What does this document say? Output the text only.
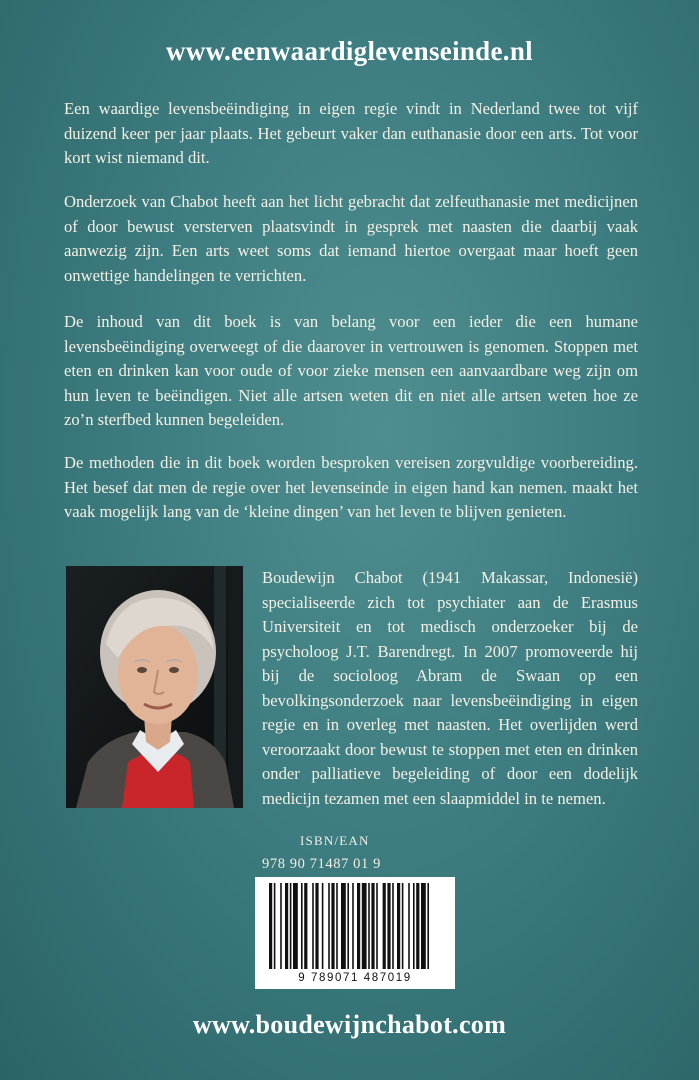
www.eenwaardiglevenseinde.nl

Een waardige levensbeëindiging in eigen regie vindt in Nederland twee tot vijf duizend keer per jaar plaats. Het gebeurt vaker dan euthanasie door een arts. Tot voor kort wist niemand dit.

Onderzoek van Chabot heeft aan het licht gebracht dat zelfeuthanasie met medicijnen of door bewust versterven plaatsvindt in gesprek met naasten die daarbij vaak aanwezig zijn. Een arts weet soms dat iemand hiertoe overgaat maar hoeft geen onwettige handelingen te verrichten.

De inhoud van dit boek is van belang voor een ieder die een humane levensbeëindiging overweegt of die daarover in vertrouwen is genomen. Stoppen met eten en drinken kan voor oude of voor zieke mensen een aanvaardbare weg zijn om hun leven te beëindigen. Niet alle artsen weten dit en niet alle artsen weten hoe ze zo’n sterfbed kunnen begeleiden.

De methoden die in dit boek worden besproken vereisen zorgvuldige voorbereiding. Het besef dat men de regie over het levenseinde in eigen hand kan nemen. maakt het vaak mogelijk lang van de ‘kleine dingen’ van het leven te blijven genieten.

Boudewijn Chabot (1941 Makassar, Indonesië) specialiseerde zich tot psychiater aan de Erasmus Universiteit en tot medisch onderzoeker bij de psycholoog J.T. Barendregt. In 2007 promoveerde hij bij de socioloog Abram de Swaan op een bevolkingsonderzoek naar levensbeëindiging in eigen regie en in overleg met naasten. Het overlijden werd veroorzaakt door bewust te stoppen met eten en drinken onder palliatieve begeleiding of door een dodelijk medicijn tezamen met een slaapmiddel in te nemen.

ISBN/EAN
978 90 71487 01 9
9 789071 487019
www.boudewijnchabot.com
